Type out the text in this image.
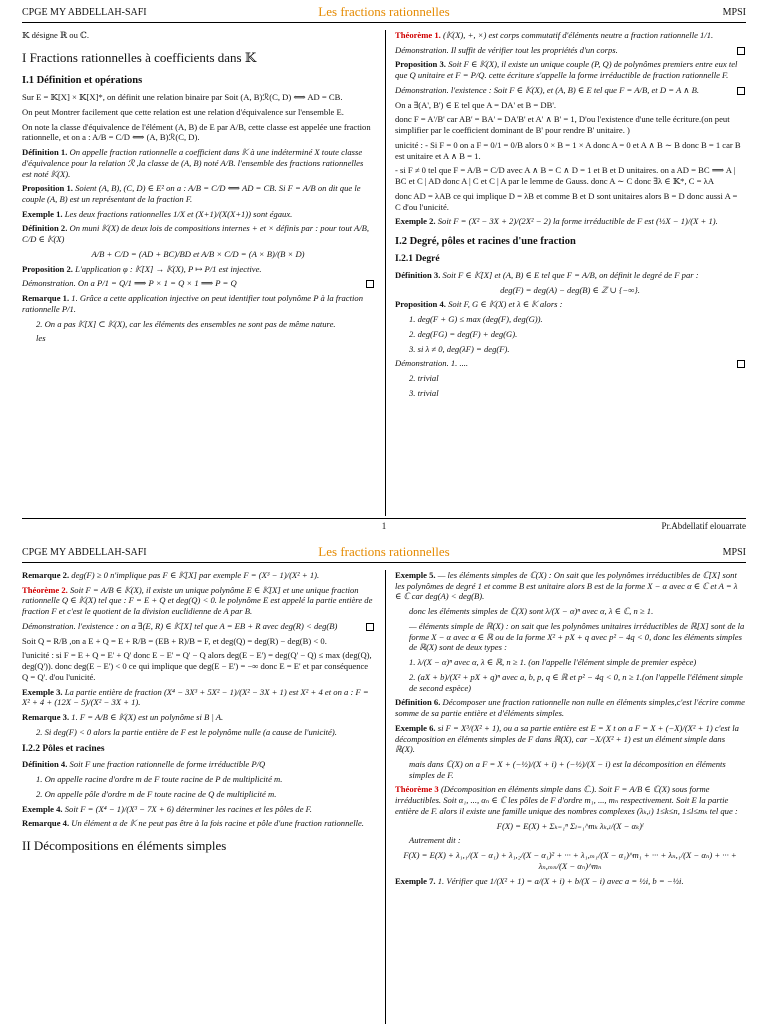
CPGE MY ABDELLAH-SAFI	Les fractions rationnelles	MPSI

𝕂 désigne ℝ ou ℂ.

I Fractions rationnelles à coefficients dans 𝕂
I.1 Définition et opérations

Sur E = 𝕂[X] × 𝕂[X]*, on définit une relation binaire par Soit (A, B)ℛ(C, D) ⟺ AD = CB.

On peut Montrer facilement que cette relation est une relation d'équivalence sur l'ensemble E.

On note la classe d'équivalence de l'élément (A, B) de E par A/B, cette classe est appelée une fraction rationnelle, et on a : A/B = C/D ⟺ (A, B)ℛ(C, D).

Définition 1. On appelle fraction rationnelle a coefficient dans 𝕂 à une indéterminé X toute classe d'équivalence pour la relation ℛ ,la classe de (A, B) noté A/B. l'ensemble des fractions rationnelles est noté 𝕂(X).

Proposition 1. Soient (A, B), (C, D) ∈ E² on a : A/B = C/D ⟺ AD = CB. Si F = A/B on dit que le couple (A, B) est un représentant de la fraction F.

Exemple 1. Les deux fractions rationnelles 1/X et (X+1)/(X(X+1)) sont égaux.

Définition 2. On muni 𝕂(X) de deux lois de compositions internes + et × définis par : pour tout A/B, C/D ∈ 𝕂(X)

A/B + C/D = (AD + BC)/BD et A/B × C/D = (A × B)/(B × D)

Proposition 2. L'application φ : 𝕂[X] → 𝕂(X), P ↦ P/1 est injective.

Démonstration. On a P/1 = Q/1 ⟹ P × 1 = Q × 1 ⟹ P = Q

Remarque 1. 1. Grâce a cette application injective on peut identifier tout polynôme P à la fraction rationnelle P/1.

2. On a pas 𝕂[X] ⊂ 𝕂(X), car les éléments des ensembles ne sont pas de même nature.

les

Théorème 1. (𝕂(X), +, ×) est corps commutatif d'éléments neutre a fraction rationnelle 1/1.

Démonstration. Il suffit de vérifier tout les propriétés d'un corps.

Proposition 3. Soit F ∈ 𝕂(X), il existe un unique couple (P, Q) de polynômes premiers entre eux tel que Q unitaire et F = P/Q. cette écriture s'appelle la forme irréductible de fraction rationnelle F.

Démonstration. l'existence : Soit F ∈ 𝕂(X), et (A, B) ∈ E tel que F = A/B, et D = A ∧ B.

On a ∃(A', B') ∈ E tel que A = DA' et B = DB'.

donc F = A'/B' car AB' = BA' = DA'B' et A' ∧ B' = 1, D'ou l'existence d'une telle écriture.(on peut simplifier par le coefficient dominant de B' pour rendre B' unitaire. )

unicité : - Si F = 0 on a F = 0/1 = 0/B alors 0 × B = 1 × A donc A = 0 et A ∧ B ∼ B donc B = 1 car B est unitaire et A ∧ B = 1.

- si F ≠ 0 tel que F = A/B = C/D avec A ∧ B = C ∧ D = 1 et B et D unitaires. on a AD = BC ⟹ A | BC et C | AD donc A | C et C | A par le lemme de Gauss. donc A ∼ C donc ∃λ ∈ 𝕂*, C = λA

donc AD = λAB ce qui implique D = λB et comme B et D sont unitaires alors B = D donc aussi A = C d'ou l'unicité.

Exemple 2. Soit F = (X² − 3X + 2)/(2X² − 2) la forme irréductible de F est (½X − 1)/(X + 1).

I.2 Degré, pôles et racines d'une fraction
I.2.1 Degré

Définition 3. Soit F ∈ 𝕂[X] et (A, B) ∈ E tel que F = A/B, on définit le degré de F par :

deg(F) = deg(A) − deg(B) ∈ ℤ ∪ {−∞}.

Proposition 4. Soit F, G ∈ 𝕂(X) et λ ∈ 𝕂 alors :

1. deg(F + G) ≤ max (deg(F), deg(G)).

2. deg(FG) = deg(F) + deg(G).

3. si λ ≠ 0, deg(λF) = deg(F).

Démonstration. 1. ....

2. trivial

3. trivial

1	Pr.Abdellatif elouarrate
CPGE MY ABDELLAH-SAFI	Les fractions rationnelles	MPSI

Remarque 2. deg(F) ≥ 0 n'implique pas F ∈ 𝕂[X] par exemple F = (X³ − 1)/(X² + 1).

Théorème 2. Soit F = A/B ∈ 𝕂(X), il existe un unique polynôme E ∈ 𝕂[X] et une unique fraction rationnelle Q ∈ 𝕂(X) tel que : F = E + Q et deg(Q) < 0. le polynôme E est appelé la partie entière de fraction F et c'est le quotient de la division euclidienne de A par B.

Démonstration. l'existence : on a ∃(E, R) ∈ 𝕂[X] tel que A = EB + R avec deg(R) < deg(B)

Soit Q = R/B ,on a E + Q = E + R/B = (EB + R)/B = F, et deg(Q) = deg(R) − deg(B) < 0.

l'unicité : si F = E + Q = E' + Q' donc E − E' = Q' − Q alors deg(E − E') = deg(Q' − Q) ≤ max (deg(Q), deg(Q')). donc deg(E − E') < 0 ce qui implique que deg(E − E') = −∞ donc E = E' et par conséquence Q = Q'. d'ou l'unicité.

Exemple 3. La partie entière de fraction (X⁴ − 3X³ + 5X² − 1)/(X² − 3X + 1) est X² + 4 et on a : F = X² + 4 + (12X − 5)/(X² − 3X + 1).

Remarque 3. 1. F = A/B ∈ 𝕂(X) est un polynôme si B | A.

2. Si deg(F) < 0 alors la partie entière de F est le polynôme nulle (a cause de l'unicité).

I.2.2 Pôles et racines

Définition 4. Soit F une fraction rationnelle de forme irréductible P/Q

1. On appelle racine d'ordre m de F toute racine de P de multiplicité m.

2. On appelle pôle d'ordre m de F toute racine de Q de multiplicité m.

Exemple 4. Soit F = (X⁴ − 1)/(X³ − 7X + 6) déterminer les racines et les pôles de F.

Remarque 4. Un élément α de 𝕂 ne peut pas être à la fois racine et pôle d'une fraction rationnelle.

II Décompositions en éléments simples

Exemple 5. — les éléments simples de ℂ(X) : On sait que les polynômes irréductibles de ℂ[X] sont les polynômes de degré 1 et comme B est unitaire alors B est de la forme X − α avec α ∈ ℂ et A = λ ∈ ℂ car deg(A) < deg(B).

donc les éléments simples de ℂ(X) sont λ/(X − α)ⁿ avec α, λ ∈ ℂ, n ≥ 1.

— éléments simple de ℝ(X) : on sait que les polynômes unitaires irréductibles de ℝ[X] sont de la forme X − α avec α ∈ ℝ ou de la forme X² + pX + q avec p² − 4q < 0, donc les éléments simples de ℝ(X) sont de deux types :

1. λ/(X − α)ⁿ avec α, λ ∈ ℝ, n ≥ 1. (on l'appelle l'élément simple de premier espèce)

2. (aX + b)/(X² + pX + q)ⁿ avec a, b, p, q ∈ ℝ et p² − 4q < 0, n ≥ 1.(on l'appelle l'élément simple de second espèce)

Définition 6. Décomposer une fraction rationnelle non nulle en éléments simples,c'est l'écrire comme somme de sa partie entière et d'éléments simples.

Exemple 6. si F = X³/(X² + 1), ou a sa partie entière est E = X t on a F = X + (−X)/(X² + 1) c'est la décomposition en éléments simples de F dans ℝ(X), car −X/(X² + 1) est un élément simple dans ℝ(X).

mais dans ℂ(X) on a F = X + (−½)/(X + i) + (−½)/(X − i) est la décomposition en éléments simples de F.

Théorème 3 (Décomposition en éléments simple dans ℂ.). Soit F = A/B ∈ ℂ(X) sous forme irréductibles. Soit α₁, ..., αₙ ∈ ℂ les pôles de F d'ordre m₁, ..., mₙ respectivement. Soit E la partie entière de F. alors il existe une famille unique des nombres complexes (λₖ,ₗ) 1≤k≤n, 1≤l≤mₖ tel que :

F(X) = E(X) + Σₖ₌₁ⁿ Σₗ₌₁^mₖ λₖ,ₗ/(X − αₖ)ˡ

Autrement dit :

F(X) = E(X) + λ₁,₁/(X − α₁) + λ₁,₂/(X − α₁)² + ··· + λ₁,ₘ₁/(X − α₁)^m₁ + ··· + λₙ,₁/(X − αₙ) + ··· + λₙ,ₘₙ/(X − αₙ)^mₙ

Exemple 7. 1. Vérifier que 1/(X² + 1) = a/(X + i) + b/(X − i) avec a = ½i, b = −½i.
